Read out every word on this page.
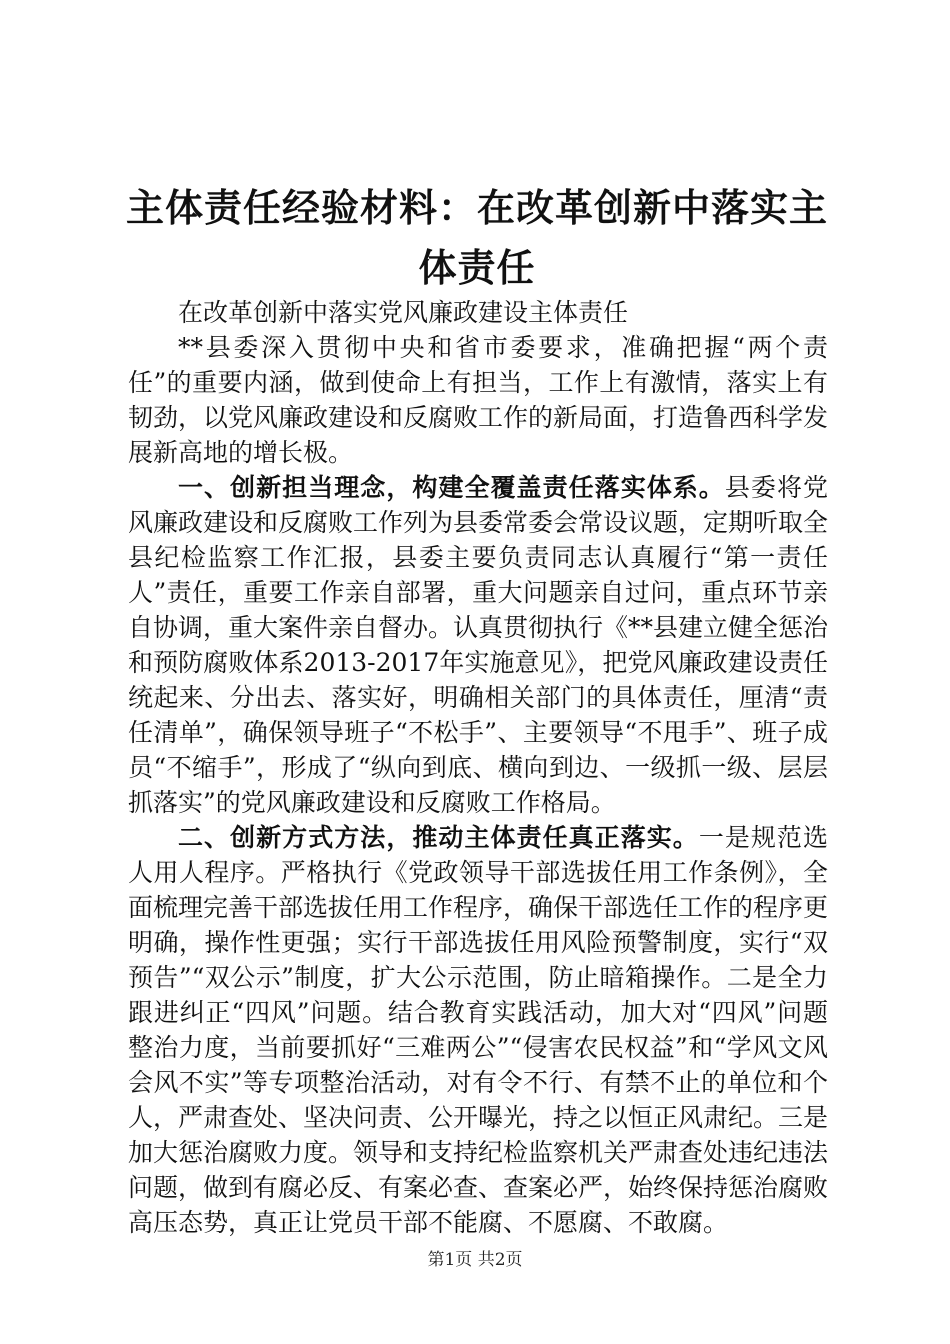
主体责任经验材料：在改革创新中落实主体责任

在改革创新中落实党风廉政建设主体责任

**县委深入贯彻中央和省市委要求，准确把握“两个责任”的重要内涵，做到使命上有担当，工作上有激情，落实上有韧劲，以党风廉政建设和反腐败工作的新局面，打造鲁西科学发展新高地的增长极。

一、创新担当理念，构建全覆盖责任落实体系。县委将党风廉政建设和反腐败工作列为县委常委会常设议题，定期听取全县纪检监察工作汇报，县委主要负责同志认真履行“第一责任人”责任，重要工作亲自部署，重大问题亲自过问，重点环节亲自协调，重大案件亲自督办。认真贯彻执行《**县建立健全惩治和预防腐败体系2013-2017年实施意见》，把党风廉政建设责任统起来、分出去、落实好，明确相关部门的具体责任，厘清“责任清单”，确保领导班子“不松手”、主要领导“不甩手”、班子成员“不缩手”，形成了“纵向到底、横向到边、一级抓一级、层层抓落实”的党风廉政建设和反腐败工作格局。

二、创新方式方法，推动主体责任真正落实。一是规范选人用人程序。严格执行《党政领导干部选拔任用工作条例》，全面梳理完善干部选拔任用工作程序，确保干部选任工作的程序更明确，操作性更强；实行干部选拔任用风险预警制度，实行“双预告”“双公示”制度，扩大公示范围，防止暗箱操作。二是全力跟进纠正“四风”问题。结合教育实践活动，加大对“四风”问题整治力度，当前要抓好“三难两公”“侵害农民权益”和“学风文风会风不实”等专项整治活动，对有令不行、有禁不止的单位和个人，严肃查处、坚决问责、公开曝光，持之以恒正风肃纪。三是加大惩治腐败力度。领导和支持纪检监察机关严肃查处违纪违法问题，做到有腐必反、有案必查、查案必严，始终保持惩治腐败高压态势，真正让党员干部不能腐、不愿腐、不敢腐。

第1页 共2页
